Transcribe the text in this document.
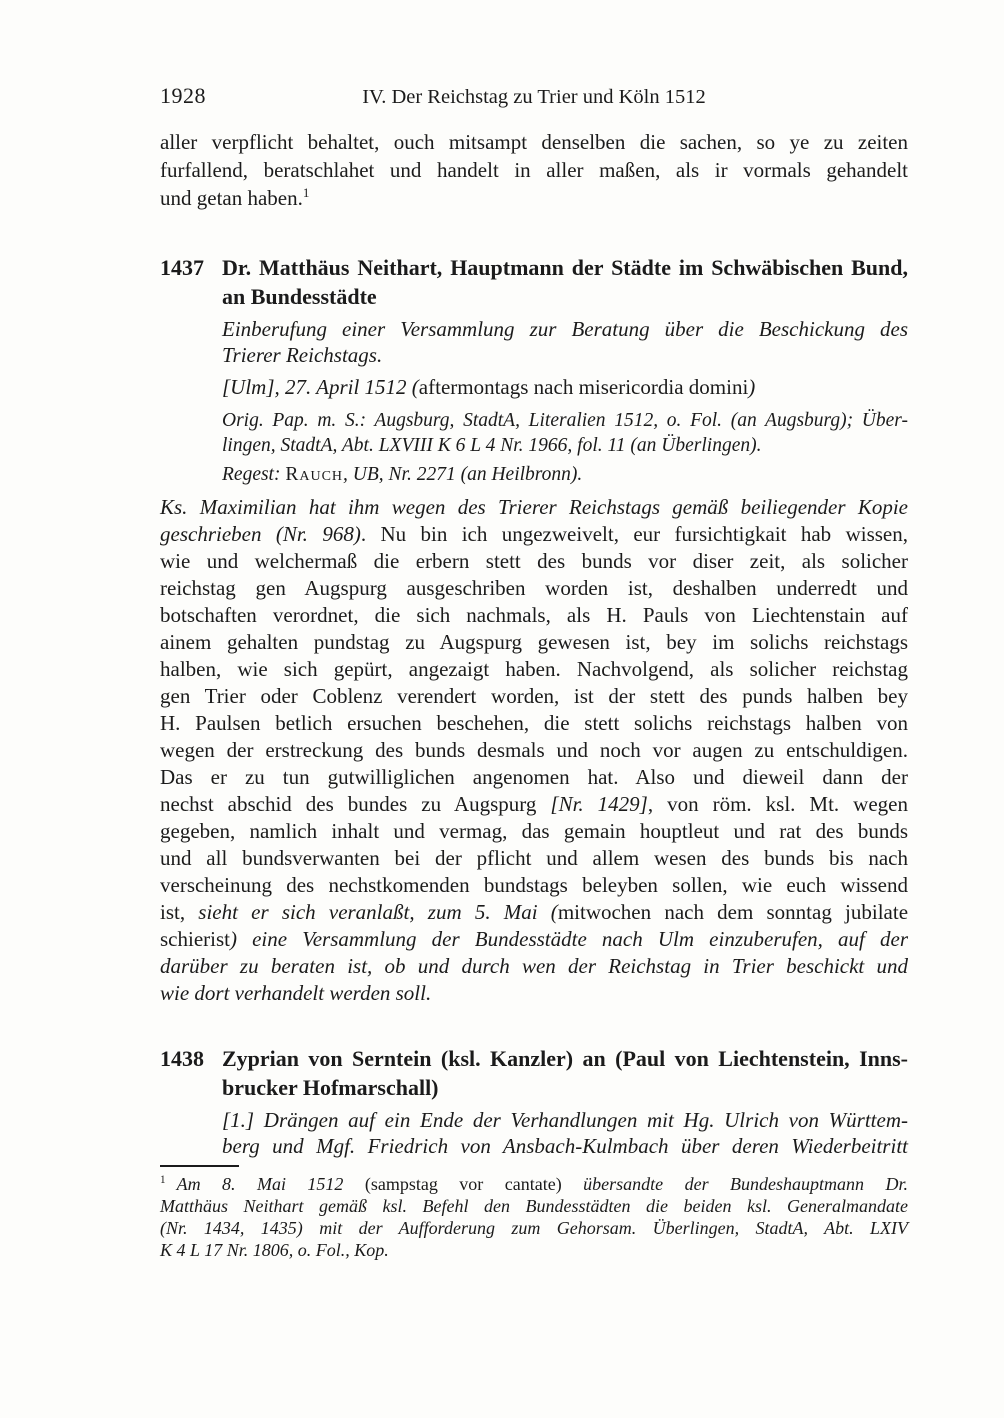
1928	IV. Der Reichstag zu Trier und Köln 1512
aller verpflicht behaltet, ouch mitsampt denselben die sachen, so ye zu zeiten
furfallend, beratschlahet und handelt in aller maßen, als ir vormals gehandelt
und getan haben.$^1$
1437 Dr. Matthäus Neithart, Hauptmann der Städte im Schwäbischen Bund,
an Bundesstädte
Einberufung einer Versammlung zur Beratung über die Beschickung des
Trierer Reichstags.
[Ulm], 27. April 1512 (aftermontags nach misericordia domini)
Orig. Pap. m. S.: Augsburg, StadtA, Literalien 1512, o. Fol. (an Augsburg); Über-
lingen, StadtA, Abt. LXVIII K 6 L 4 Nr. 1966, fol. 11 (an Überlingen).
Regest: Rauch, UB, Nr. 2271 (an Heilbronn).
Ks. Maximilian hat ihm wegen des Trierer Reichstags gemäß beiliegender Kopie
geschrieben (Nr. 968). Nu bin ich ungezweivelt, eur fursichtigkait hab wissen,
wie und welchermaß die erbern stett des bunds vor diser zeit, als solicher
reichstag gen Augspurg ausgeschriben worden ist, deshalben underredt und
botschaften verordnet, die sich nachmals, als H. Pauls von Liechtenstain auf
ainem gehalten pundstag zu Augspurg gewesen ist, bey im solichs reichstags
halben, wie sich gepürt, angezaigt haben. Nachvolgend, als solicher reichstag
gen Trier oder Coblenz verendert worden, ist der stett des punds halben bey
H. Paulsen betlich ersuchen beschehen, die stett solichs reichstags halben von
wegen der erstreckung des bunds desmals und noch vor augen zu entschuldigen.
Das er zu tun gutwilliglichen angenomen hat. Also und dieweil dann der
nechst abschid des bundes zu Augspurg [Nr. 1429], von röm. ksl. Mt. wegen
gegeben, namlich inhalt und vermag, das gemain houptleut und rat des bunds
und all bundsverwanten bei der pflicht und allem wesen des bunds bis nach
verscheinung des nechstkomenden bundstags beleyben sollen, wie euch wissend
ist, sieht er sich veranlaßt, zum 5. Mai (mitwochen nach dem sonntag jubilate
schierist) eine Versammlung der Bundesstädte nach Ulm einzuberufen, auf der
darüber zu beraten ist, ob und durch wen der Reichstag in Trier beschickt und
wie dort verhandelt werden soll.
1438 Zyprian von Serntein (ksl. Kanzler) an (Paul von Liechtenstein, Inns-
brucker Hofmarschall)
[1.] Drängen auf ein Ende der Verhandlungen mit Hg. Ulrich von Württem-
berg und Mgf. Friedrich von Ansbach-Kulmbach über deren Wiederbeitritt
$^1$ Am 8. Mai 1512 (sampstag vor cantate) übersandte der Bundeshauptmann Dr.
Matthäus Neithart gemäß ksl. Befehl den Bundesstädten die beiden ksl. Generalmandate
(Nr. 1434, 1435) mit der Aufforderung zum Gehorsam. Überlingen, StadtA, Abt. LXIV
K 4 L 17 Nr. 1806, o. Fol., Kop.
